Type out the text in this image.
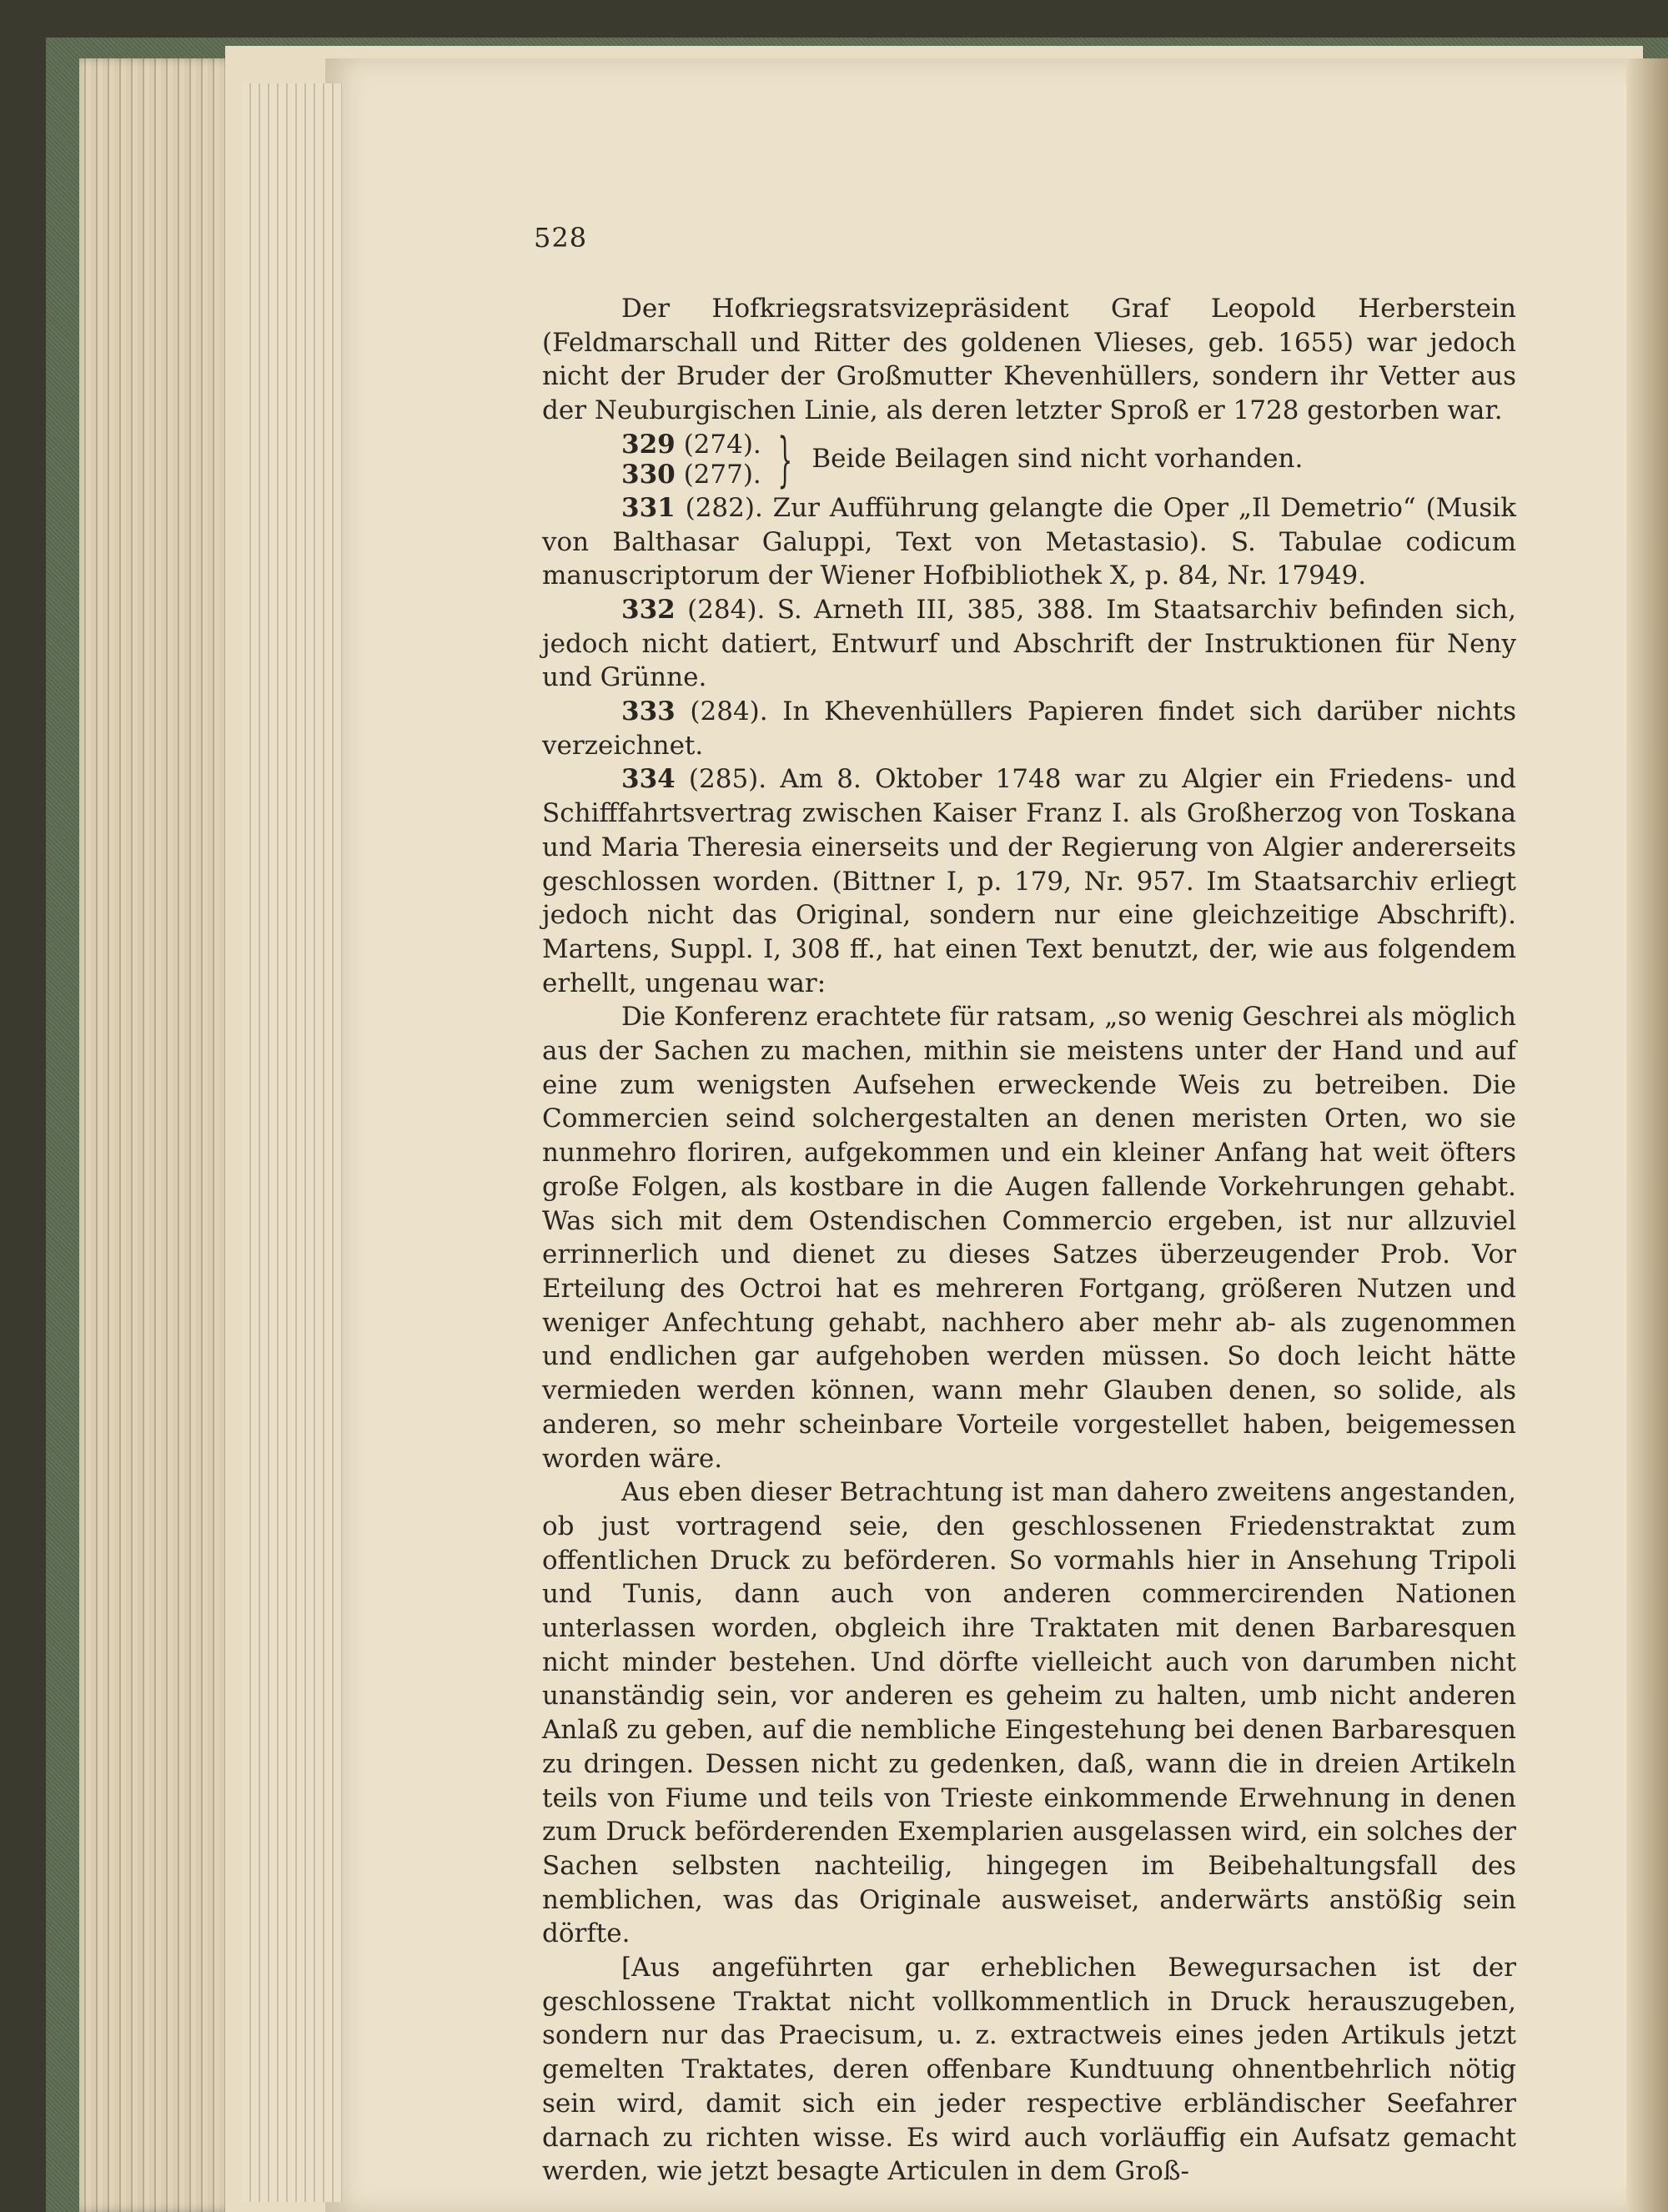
528

Der Hofkriegsratsvizepräsident Graf Leopold Herberstein (Feldmarschall und Ritter des goldenen Vlieses, geb. 1655) war jedoch nicht der Bruder der Großmutter Khevenhüllers, sondern ihr Vetter aus der Neuburgischen Linie, als deren letzter Sproß er 1728 gestorben war.

329 (274).
330 (277). } Beide Beilagen sind nicht vorhanden.

331 (282). Zur Aufführung gelangte die Oper „Il Demetrio“ (Musik von Balthasar Galuppi, Text von Metastasio). S. Tabulae codicum manuscriptorum der Wiener Hofbibliothek X, p. 84, Nr. 17949.

332 (284). S. Arneth III, 385, 388. Im Staatsarchiv befinden sich, jedoch nicht datiert, Entwurf und Abschrift der Instruktionen für Neny und Grünne.

333 (284). In Khevenhüllers Papieren findet sich darüber nichts verzeichnet.

334 (285). Am 8. Oktober 1748 war zu Algier ein Friedens- und Schifffahrtsvertrag zwischen Kaiser Franz I. als Großherzog von Toskana und Maria Theresia einerseits und der Regierung von Algier andererseits geschlossen worden. (Bittner I, p. 179, Nr. 957. Im Staatsarchiv erliegt jedoch nicht das Original, sondern nur eine gleichzeitige Abschrift). Martens, Suppl. I, 308 ff., hat einen Text benutzt, der, wie aus folgendem erhellt, ungenau war:

Die Konferenz erachtete für ratsam, „so wenig Geschrei als möglich aus der Sachen zu machen, mithin sie meistens unter der Hand und auf eine zum wenigsten Aufsehen erweckende Weis zu betreiben. Die Commercien seind solchergestalten an denen meristen Orten, wo sie nunmehro floriren, aufgekommen und ein kleiner Anfang hat weit öfters große Folgen, als kostbare in die Augen fallende Vorkehrungen gehabt. Was sich mit dem Ostendischen Commercio ergeben, ist nur allzuviel errinnerlich und dienet zu dieses Satzes überzeugender Prob. Vor Erteilung des Octroi hat es mehreren Fortgang, größeren Nutzen und weniger Anfechtung gehabt, nachhero aber mehr ab- als zugenommen und endlichen gar aufgehoben werden müssen. So doch leicht hätte vermieden werden können, wann mehr Glauben denen, so solide, als anderen, so mehr scheinbare Vorteile vorgestellet haben, beigemessen worden wäre.

Aus eben dieser Betrachtung ist man dahero zweitens angestanden, ob just vortragend seie, den geschlossenen Friedenstraktat zum offentlichen Druck zu beförderen. So vormahls hier in Ansehung Tripoli und Tunis, dann auch von anderen commercirenden Nationen unterlassen worden, obgleich ihre Traktaten mit denen Barbaresquen nicht minder bestehen. Und dörfte vielleicht auch von darumben nicht unanständig sein, vor anderen es geheim zu halten, umb nicht anderen Anlaß zu geben, auf die nembliche Eingestehung bei denen Barbaresquen zu dringen. Dessen nicht zu gedenken, daß, wann die in dreien Artikeln teils von Fiume und teils von Trieste einkommende Erwehnung in denen zum Druck beförderenden Exemplarien ausgelassen wird, ein solches der Sachen selbsten nachteilig, hingegen im Beibehaltungsfall des nemblichen, was das Originale ausweiset, anderwärts anstößig sein dörfte.

[Aus angeführten gar erheblichen Bewegursachen ist der geschlossene Traktat nicht vollkommentlich in Druck herauszugeben, sondern nur das Praecisum, u. z. extractweis eines jeden Artikuls jetzt gemelten Traktates, deren offenbare Kundtuung ohnentbehrlich nötig sein wird, damit sich ein jeder respective erbländischer Seefahrer darnach zu richten wisse. Es wird auch vorläuffig ein Aufsatz gemacht werden, wie jetzt besagte Articulen in dem Groß-
